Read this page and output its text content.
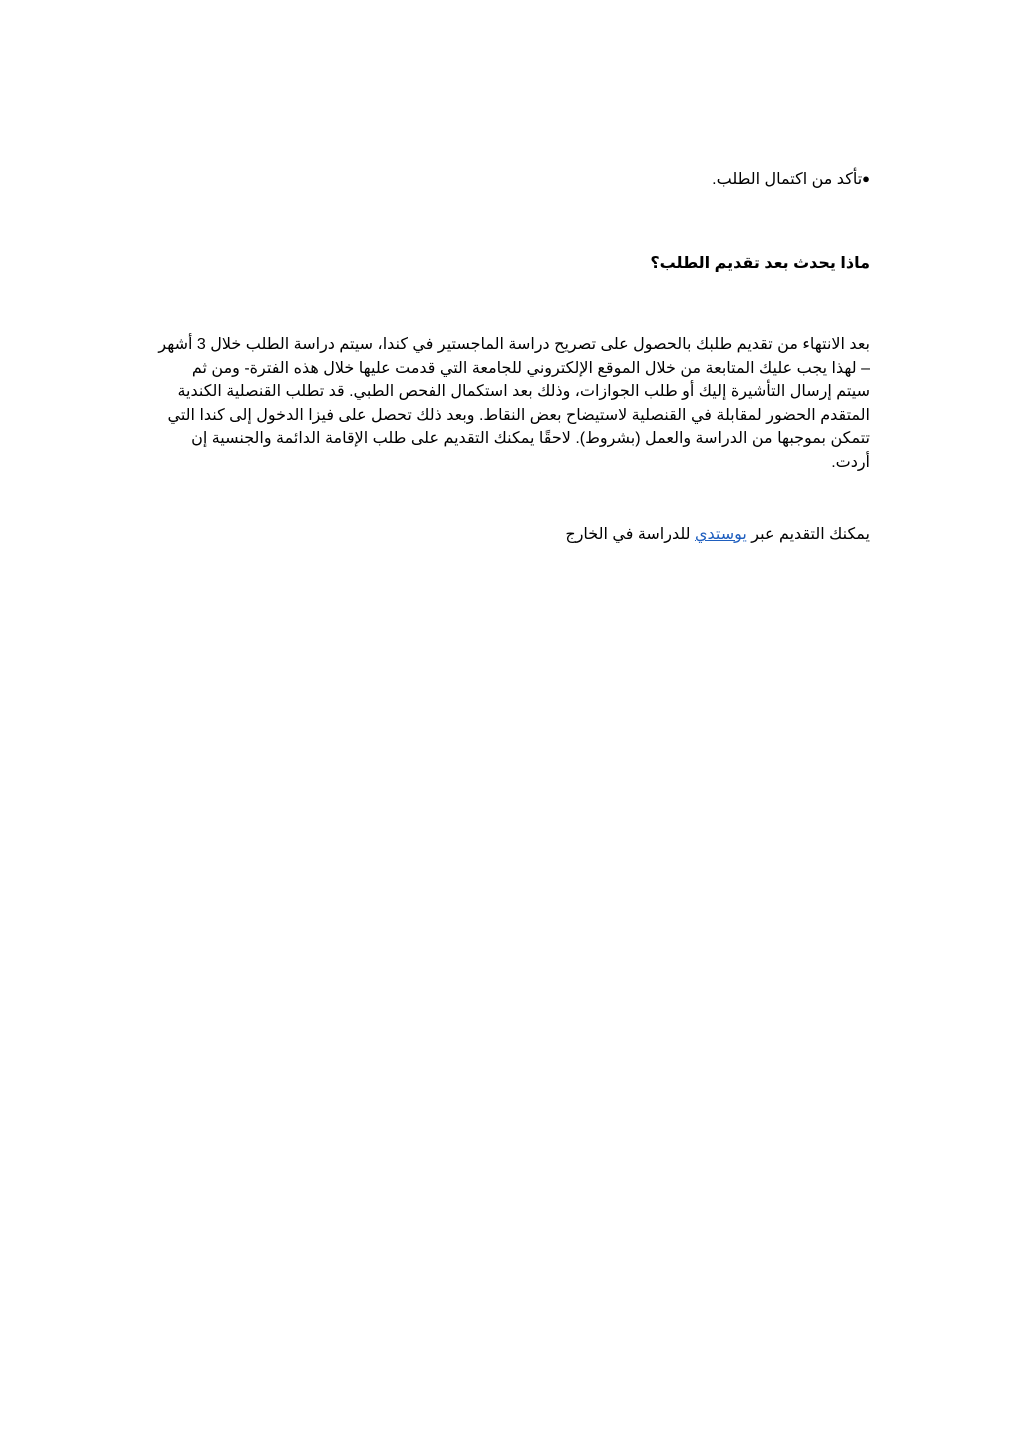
●تأكد من اكتمال الطلب.

ماذا يحدث بعد تقديم الطلب؟

بعد الانتهاء من تقديم طلبك بالحصول على تصريح دراسة الماجستير في كندا، سيتم دراسة الطلب خلال 3 أشهر – لهذا يجب عليك المتابعة من خلال الموقع الإلكتروني للجامعة التي قدمت عليها خلال هذه الفترة- ومن ثم سيتم إرسال التأشيرة إليك أو طلب الجوازات، وذلك بعد استكمال الفحص الطبي. قد تطلب القنصلية الكندية المتقدم الحضور لمقابلة في القنصلية لاستيضاح بعض النقاط. وبعد ذلك تحصل على فيزا الدخول إلى كندا التي تتمكن بموجبها من الدراسة والعمل (بشروط). لاحقًا يمكنك التقديم على طلب الإقامة الدائمة والجنسية إن أردت.

يمكنك التقديم عبر يوستدي للدراسة في الخارج
